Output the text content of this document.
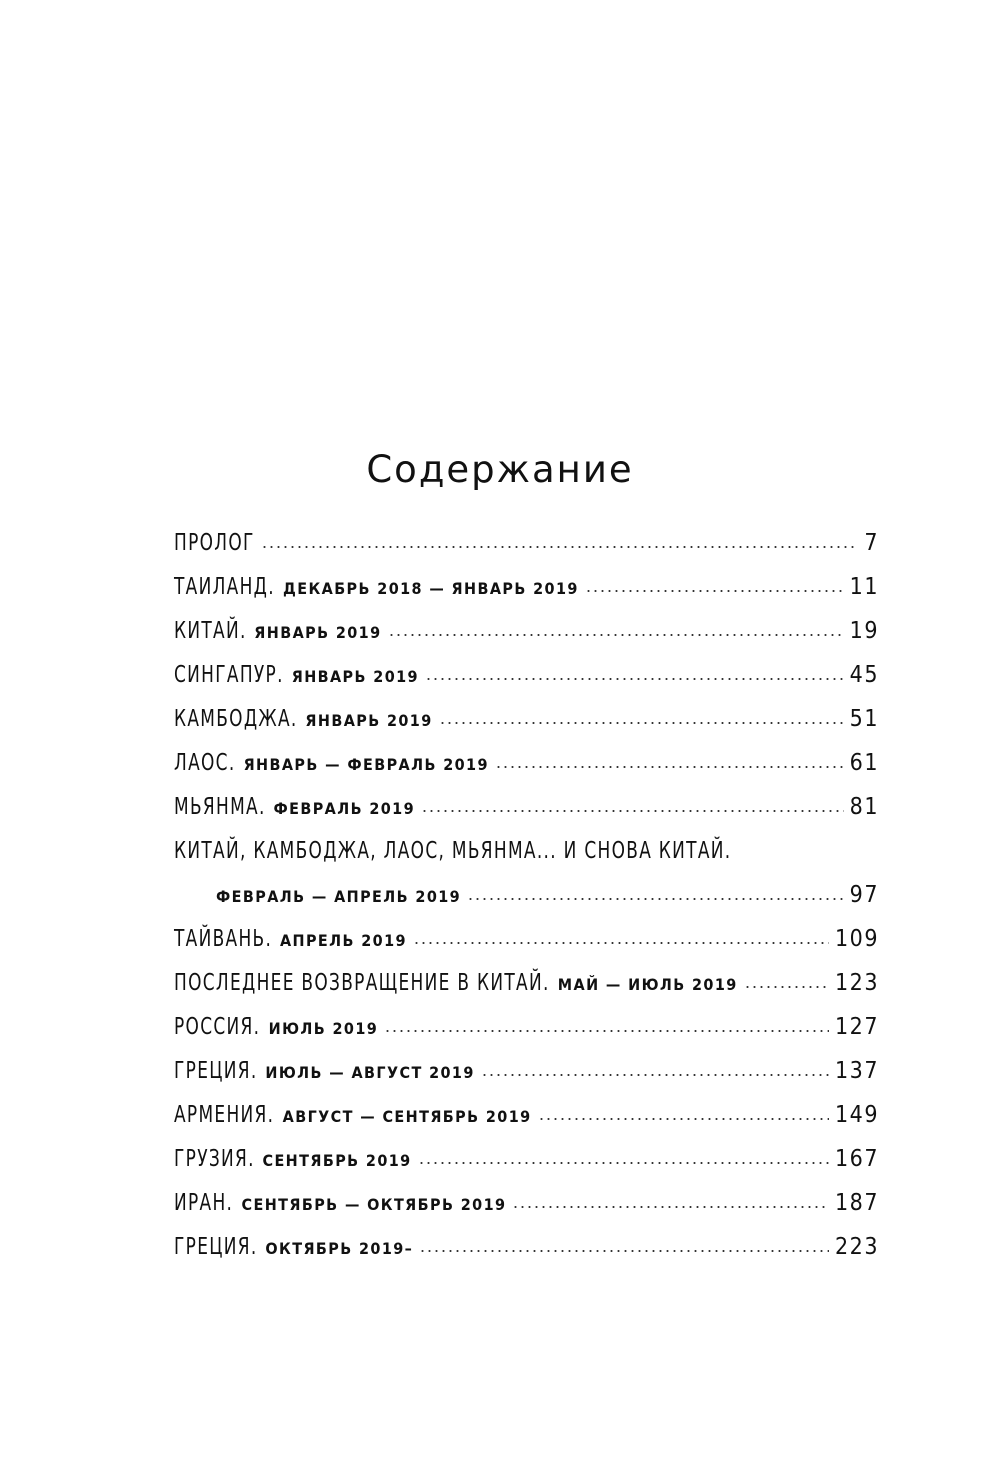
Содержание
ПРОЛОГ	7
ТАИЛАНД. ДЕКАБРЬ 2018 — ЯНВАРЬ 2019	11
КИТАЙ. ЯНВАРЬ 2019	19
СИНГАПУР. ЯНВАРЬ 2019	45
КАМБОДЖА. ЯНВАРЬ 2019	51
ЛАОС. ЯНВАРЬ — ФЕВРАЛЬ 2019	61
МЬЯНМА. ФЕВРАЛЬ 2019	81
КИТАЙ, КАМБОДЖА, ЛАОС, МЬЯНМА... И СНОВА КИТАЙ.
ФЕВРАЛЬ — АПРЕЛЬ 2019	97
ТАЙВАНЬ. АПРЕЛЬ 2019	109
ПОСЛЕДНЕЕ ВОЗВРАЩЕНИЕ В КИТАЙ. МАЙ — ИЮЛЬ 2019	123
РОССИЯ. ИЮЛЬ 2019	127
ГРЕЦИЯ. ИЮЛЬ — АВГУСТ 2019	137
АРМЕНИЯ. АВГУСТ — СЕНТЯБРЬ 2019	149
ГРУЗИЯ. СЕНТЯБРЬ 2019	167
ИРАН. СЕНТЯБРЬ — ОКТЯБРЬ 2019	187
ГРЕЦИЯ. ОКТЯБРЬ 2019–	223
